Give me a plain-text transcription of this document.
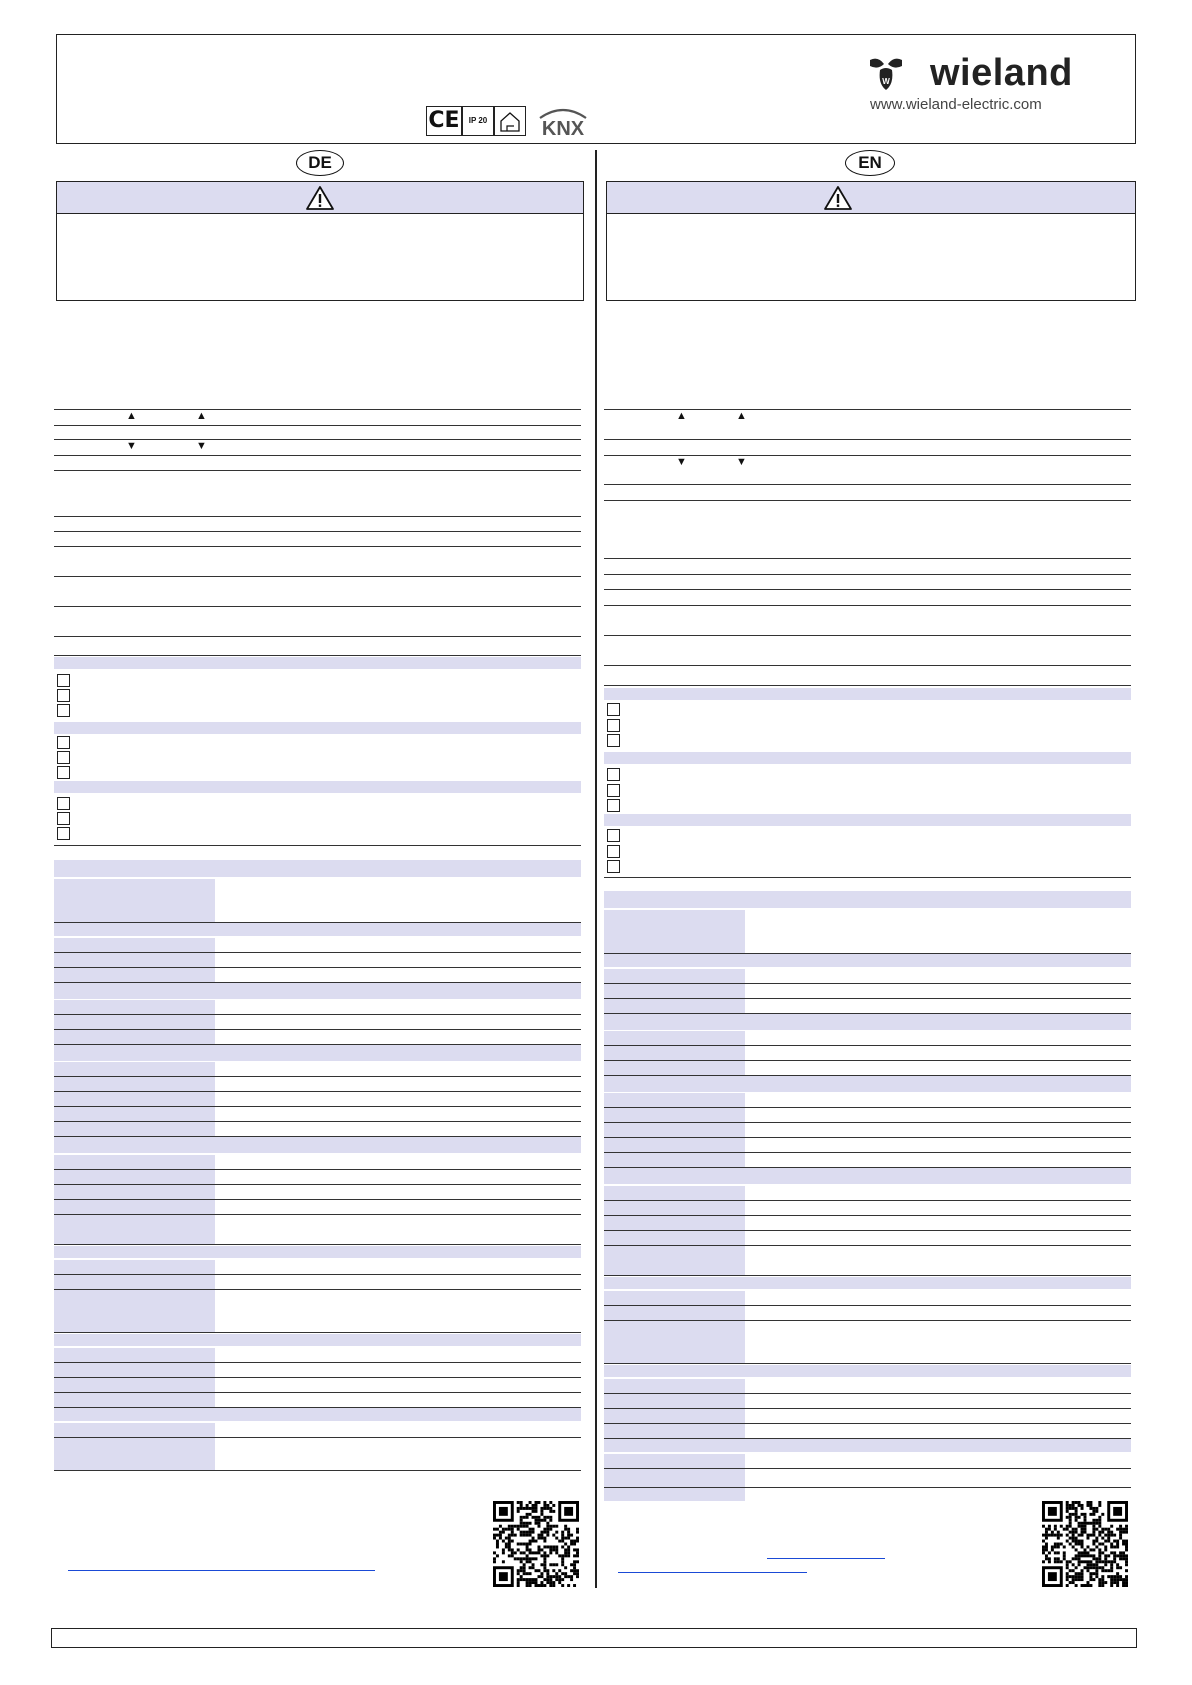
CE	IP 20	KNX
W wieland
www.wieland-electric.com
DE
▲	▲
▼	▼
EN
▲	▲
▼	▼
